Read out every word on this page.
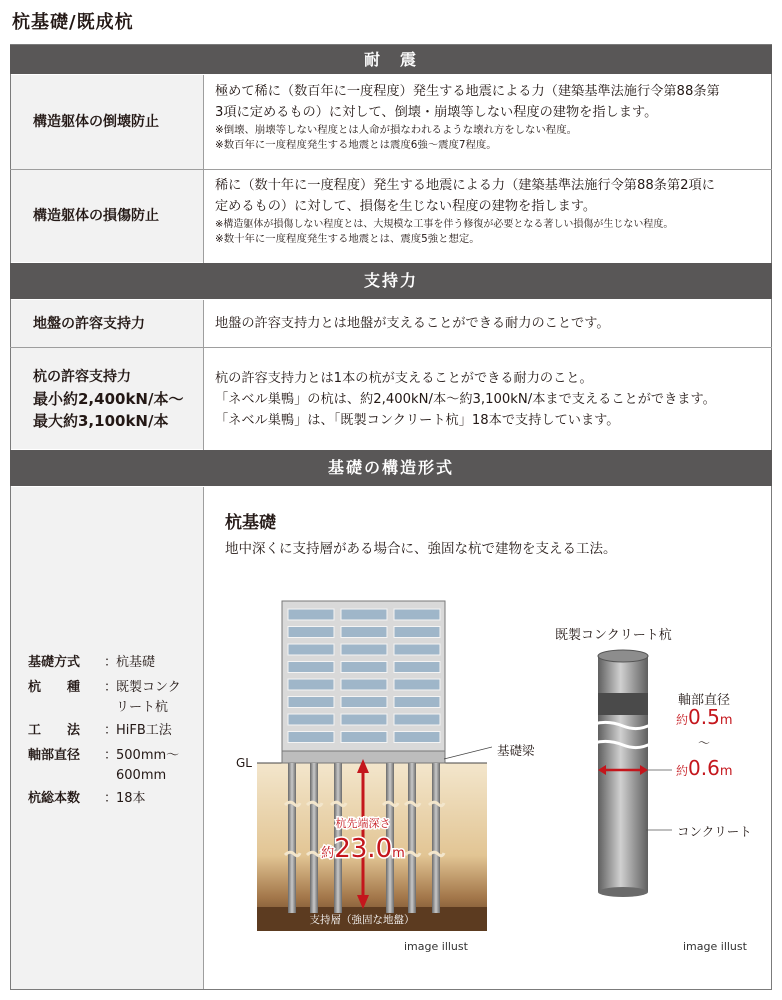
杭基礎/既成杭
耐　震
構造躯体の倒壊防止
極めて稀に（数百年に一度程度）発生する地震による力（建築基準法施行令第88条第
3項に定めるもの）に対して、倒壊・崩壊等しない程度の建物を指します。
※倒壊、崩壊等しない程度とは人命が損なわれるような壊れ方をしない程度。
※数百年に一度程度発生する地震とは震度6強～震度7程度。
構造躯体の損傷防止
稀に（数十年に一度程度）発生する地震による力（建築基準法施行令第88条第2項に
定めるもの）に対して、損傷を生じない程度の建物を指します。
※構造躯体が損傷しない程度とは、大規模な工事を伴う修復が必要となる著しい損傷が生じない程度。
※数十年に一度程度発生する地震とは、震度5強と想定。
支持力
地盤の許容支持力	地盤の許容支持力とは地盤が支えることができる耐力のことです。
杭の許容支持力
最小約2,400kN/本～
最大約3,100kN/本
杭の許容支持力とは1本の杭が支えることができる耐力のこと。
「ネベル巣鴨」の杭は、約2,400kN/本～約3,100kN/本まで支えることができます。
「ネベル巣鴨」は、「既製コンクリート杭」18本で支持しています。
基礎の構造形式
基礎方式 ：杭基礎
杭　　種 ：既製コンク
リート杭
工　　法 ：HiFB工法
軸部直径 ：500mm～
600mm
杭総本数 ：18本
杭基礎
地中深くに支持層がある場合に、強固な杭で建物を支える工法。
杭先端深さ
約23.0m
支持層（強固な地盤）
GL
基礎梁
image illust
既製コンクリート杭
軸部直径
約0.5m
～
約0.6m
コンクリート
image illust
